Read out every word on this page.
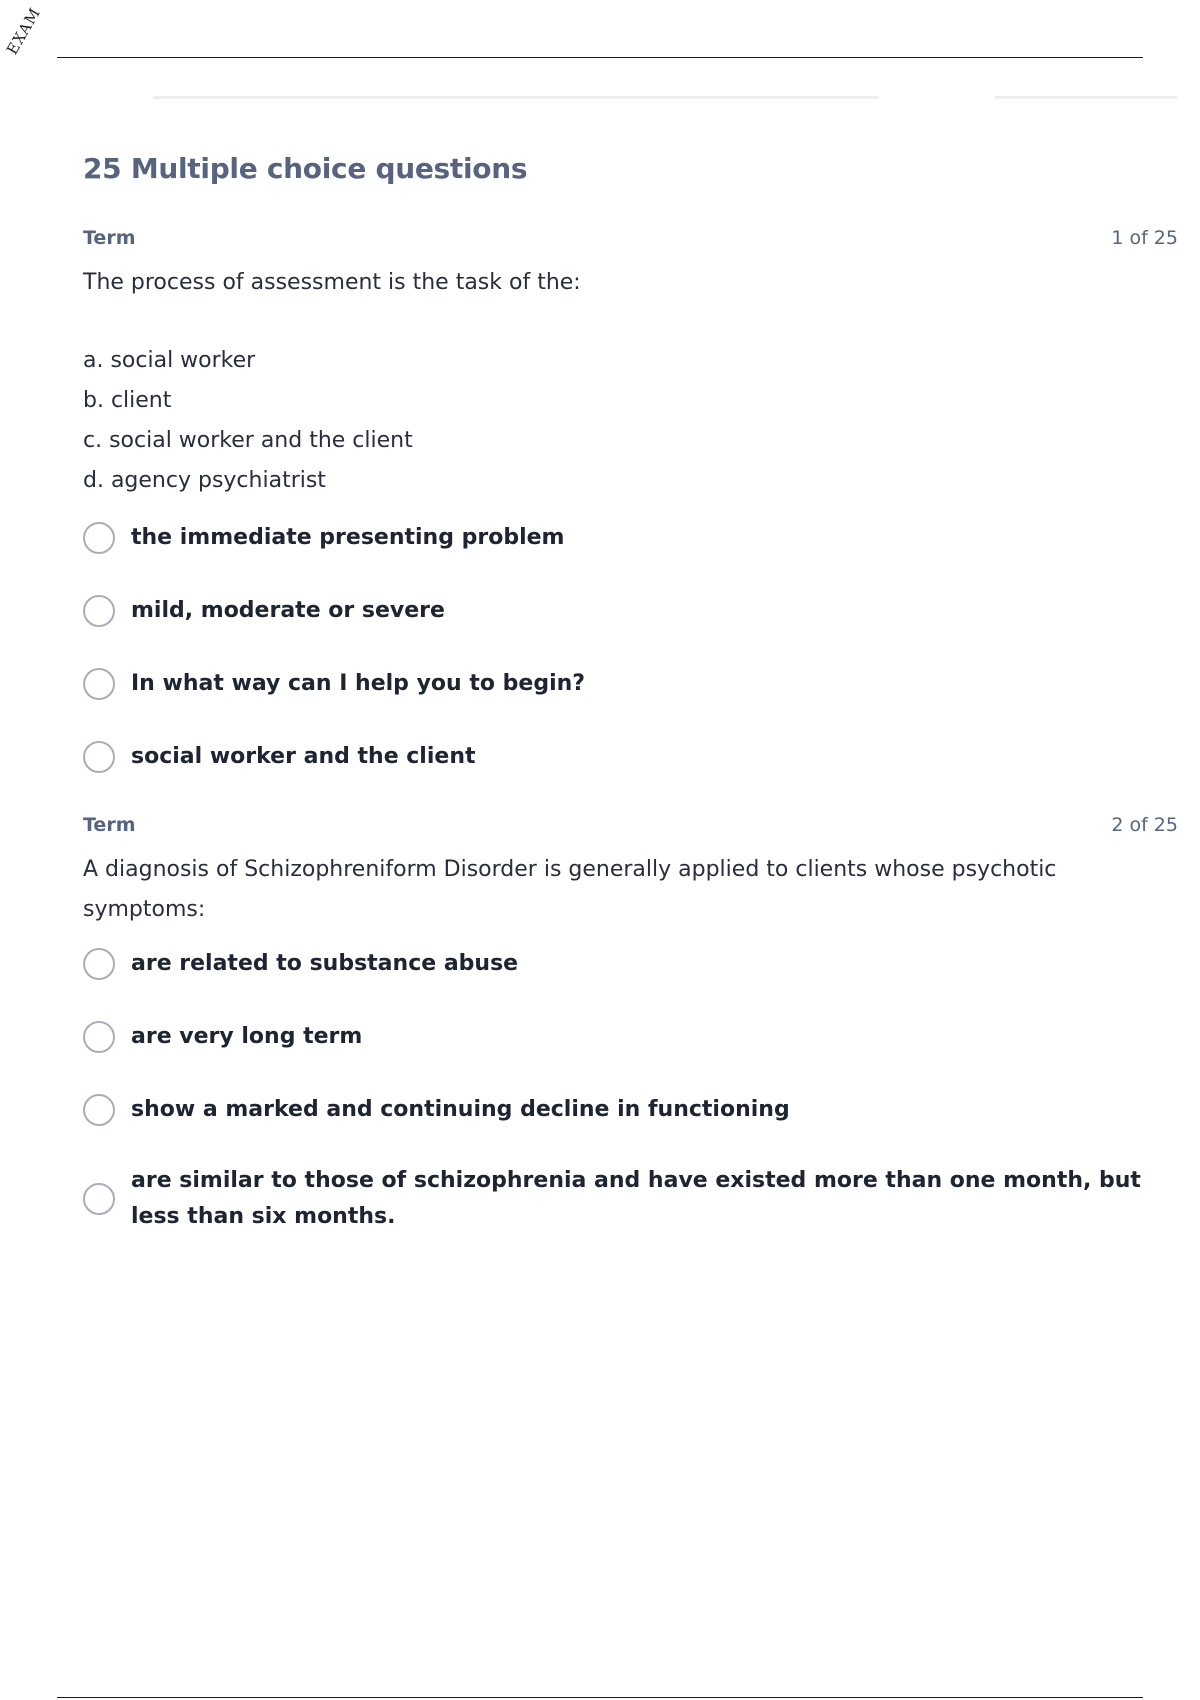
EXAM
25 Multiple choice questions
Term	1 of 25
The process of assessment is the task of the:
a. social worker
b. client
c. social worker and the client
d. agency psychiatrist
the immediate presenting problem
mild, moderate or severe
In what way can I help you to begin?
social worker and the client
Term	2 of 25
A diagnosis of Schizophreniform Disorder is generally applied to clients whose psychotic symptoms:
are related to substance abuse
are very long term
show a marked and continuing decline in functioning
are similar to those of schizophrenia and have existed more than one month, but less than six months.
